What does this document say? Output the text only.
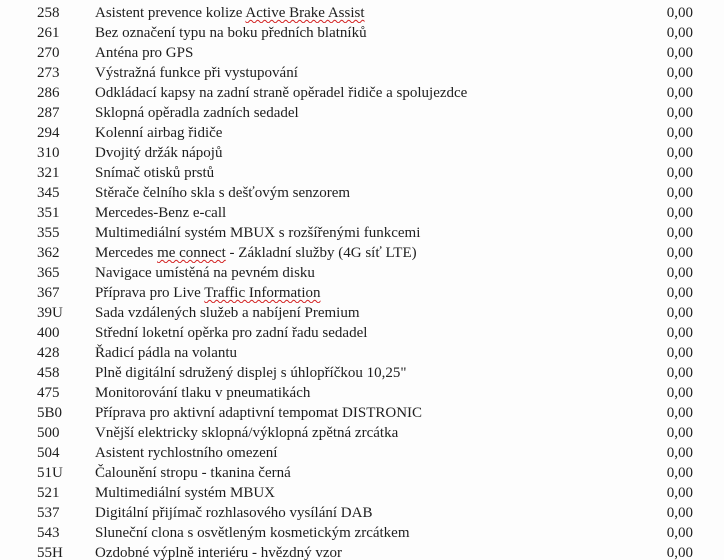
258	Asistent prevence kolize Active Brake Assist	0,00
261	Bez označení typu na boku předních blatníků	0,00
270	Anténa pro GPS	0,00
273	Výstražná funkce při vystupování	0,00
286	Odkládací kapsy na zadní straně opěradel řidiče a spolujezdce	0,00
287	Sklopná opěradla zadních sedadel	0,00
294	Kolenní airbag řidiče	0,00
310	Dvojitý držák nápojů	0,00
321	Snímač otisků prstů	0,00
345	Stěrače čelního skla s dešťovým senzorem	0,00
351	Mercedes-Benz e-call	0,00
355	Multimediální systém MBUX s rozšířenými funkcemi	0,00
362	Mercedes me connect - Základní služby (4G síť LTE)	0,00
365	Navigace umístěná na pevném disku	0,00
367	Příprava pro Live Traffic Information	0,00
39U	Sada vzdálených služeb a nabíjení Premium	0,00
400	Střední loketní opěrka pro zadní řadu sedadel	0,00
428	Řadicí pádla na volantu	0,00
458	Plně digitální sdružený displej s úhlopříčkou 10,25"	0,00
475	Monitorování tlaku v pneumatikách	0,00
5B0	Příprava pro aktivní adaptivní tempomat DISTRONIC	0,00
500	Vnější elektricky sklopná/výklopná zpětná zrcátka	0,00
504	Asistent rychlostního omezení	0,00
51U	Čalounění stropu - tkanina černá	0,00
521	Multimediální systém MBUX	0,00
537	Digitální přijímač rozhlasového vysílání DAB	0,00
543	Sluneční clona s osvětleným kosmetickým zrcátkem	0,00
55H	Ozdobné výplně interiéru - hvězdný vzor	0,00
